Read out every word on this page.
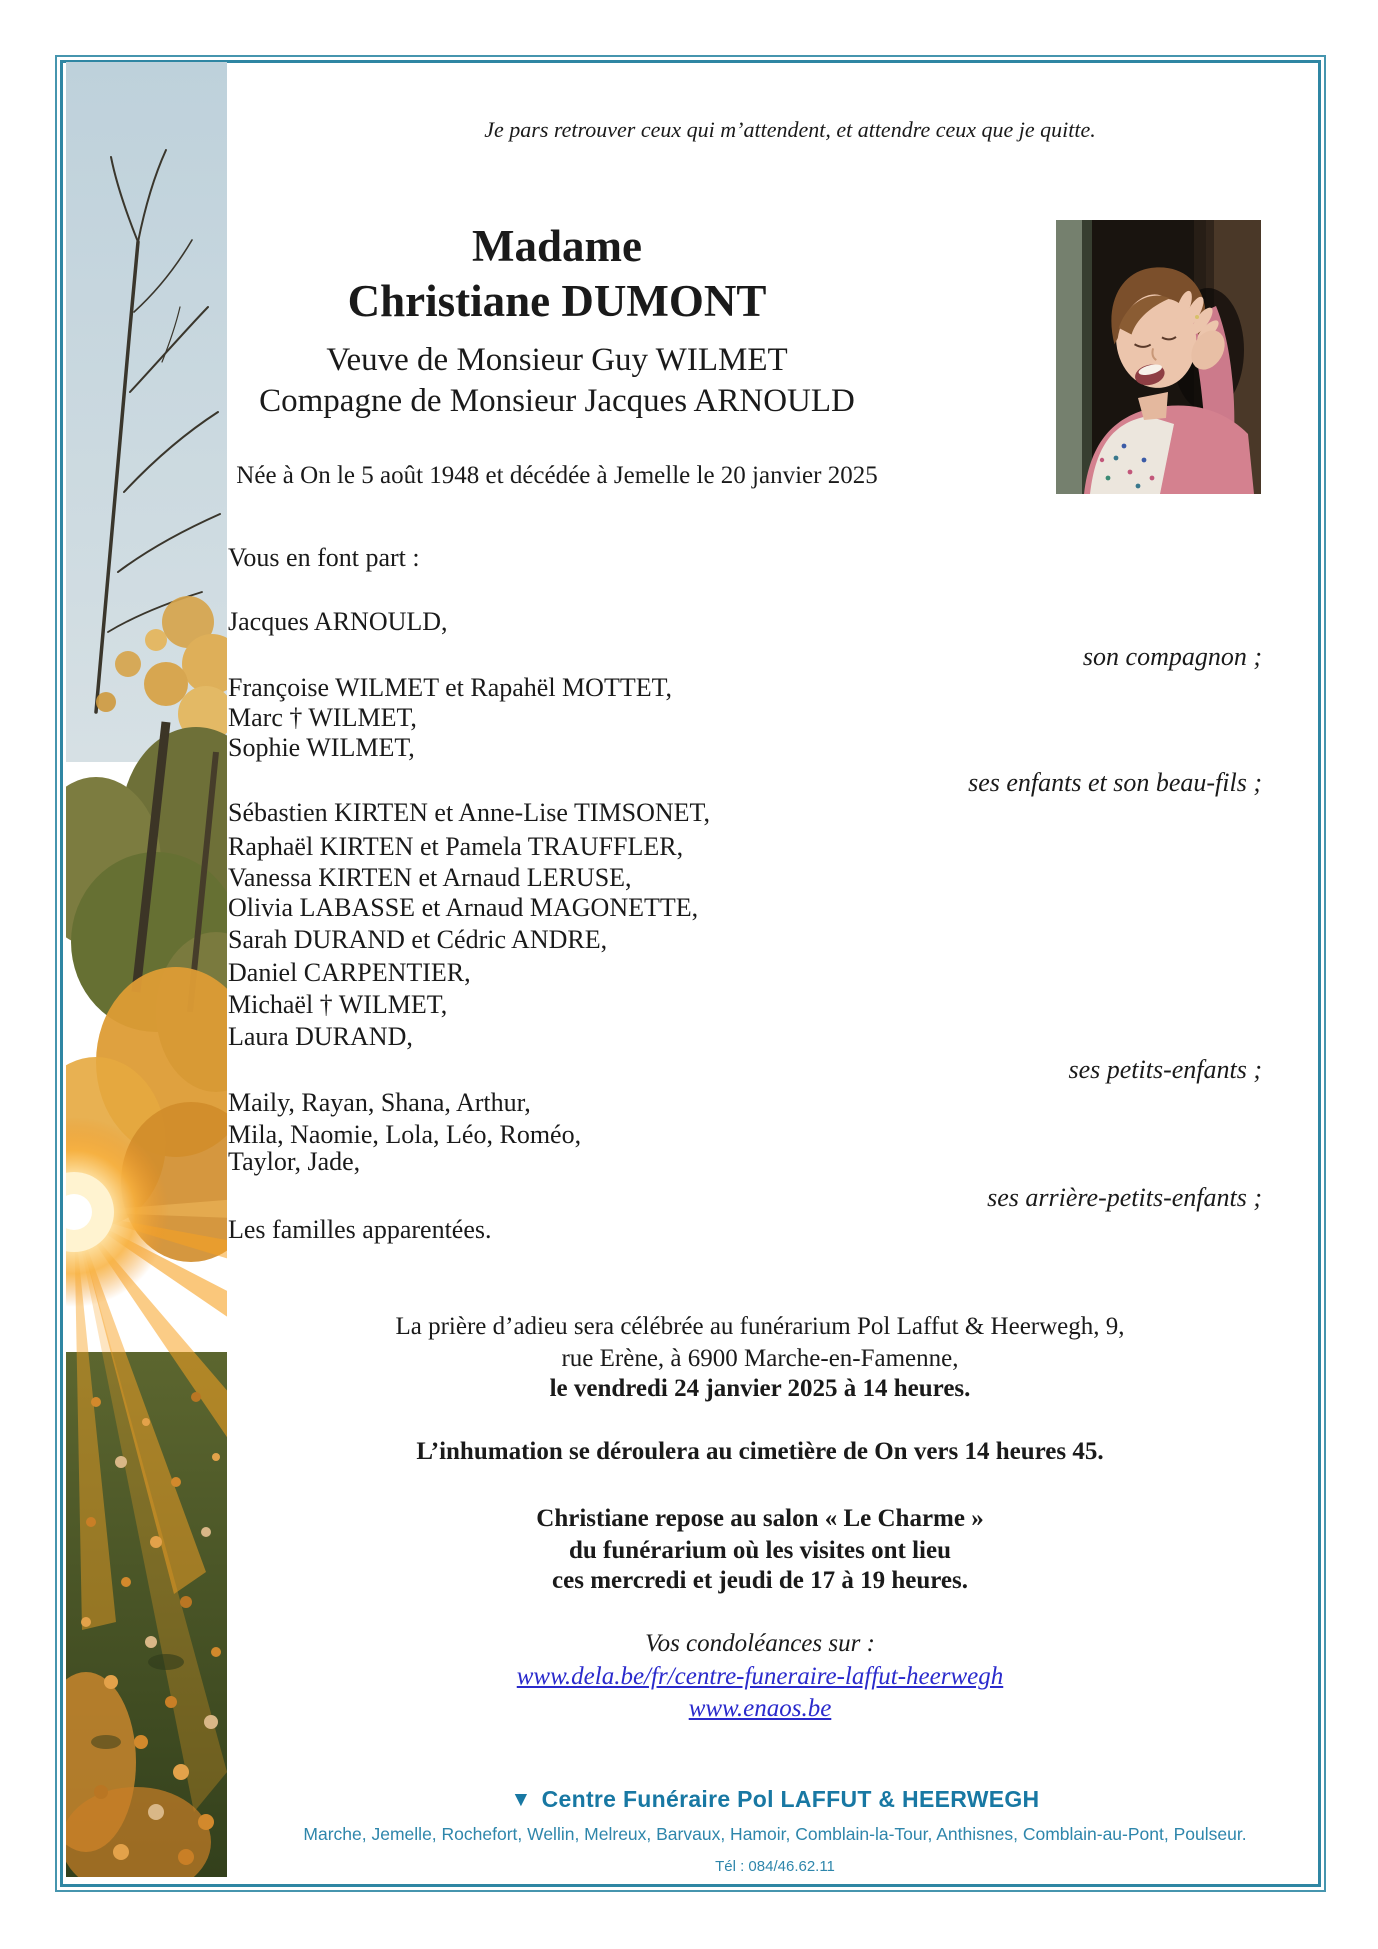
Je pars retrouver ceux qui m’attendent, et attendre ceux que je quitte.
Madame
Christiane DUMONT
Veuve de Monsieur Guy WILMET
Compagne de Monsieur Jacques ARNOULD
Née à On le 5 août 1948 et décédée à Jemelle le 20 janvier 2025
Vous en font part :
Jacques ARNOULD,
son compagnon ;
Françoise WILMET et Rapahël MOTTET,
Marc † WILMET,
Sophie WILMET,
ses enfants et son beau-fils ;
Sébastien KIRTEN et Anne-Lise TIMSONET,
Raphaël KIRTEN et Pamela TRAUFFLER,
Vanessa KIRTEN et Arnaud LERUSE,
Olivia LABASSE et Arnaud MAGONETTE,
Sarah DURAND et Cédric ANDRE,
Daniel CARPENTIER,
Michaël † WILMET,
Laura DURAND,
ses petits-enfants ;
Maily, Rayan, Shana, Arthur,
Mila, Naomie, Lola, Léo, Roméo,
Taylor, Jade,
ses arrière-petits-enfants ;
Les familles apparentées.
La prière d’adieu sera célébrée au funérarium Pol Laffut & Heerwegh, 9,
rue Erène, à 6900 Marche-en-Famenne,
le vendredi 24 janvier 2025 à 14 heures.
L’inhumation se déroulera au cimetière de On vers 14 heures 45.
Christiane repose au salon « Le Charme »
du funérarium où les visites ont lieu
ces mercredi et jeudi de 17 à 19 heures.
Vos condoléances sur :
www.dela.be/fr/centre-funeraire-laffut-heerwegh
www.enaos.be
▼ Centre Funéraire Pol LAFFUT & HEERWEGH
Marche, Jemelle, Rochefort, Wellin, Melreux, Barvaux, Hamoir, Comblain-la-Tour, Anthisnes, Comblain-au-Pont, Poulseur.
Tél : 084/46.62.11
